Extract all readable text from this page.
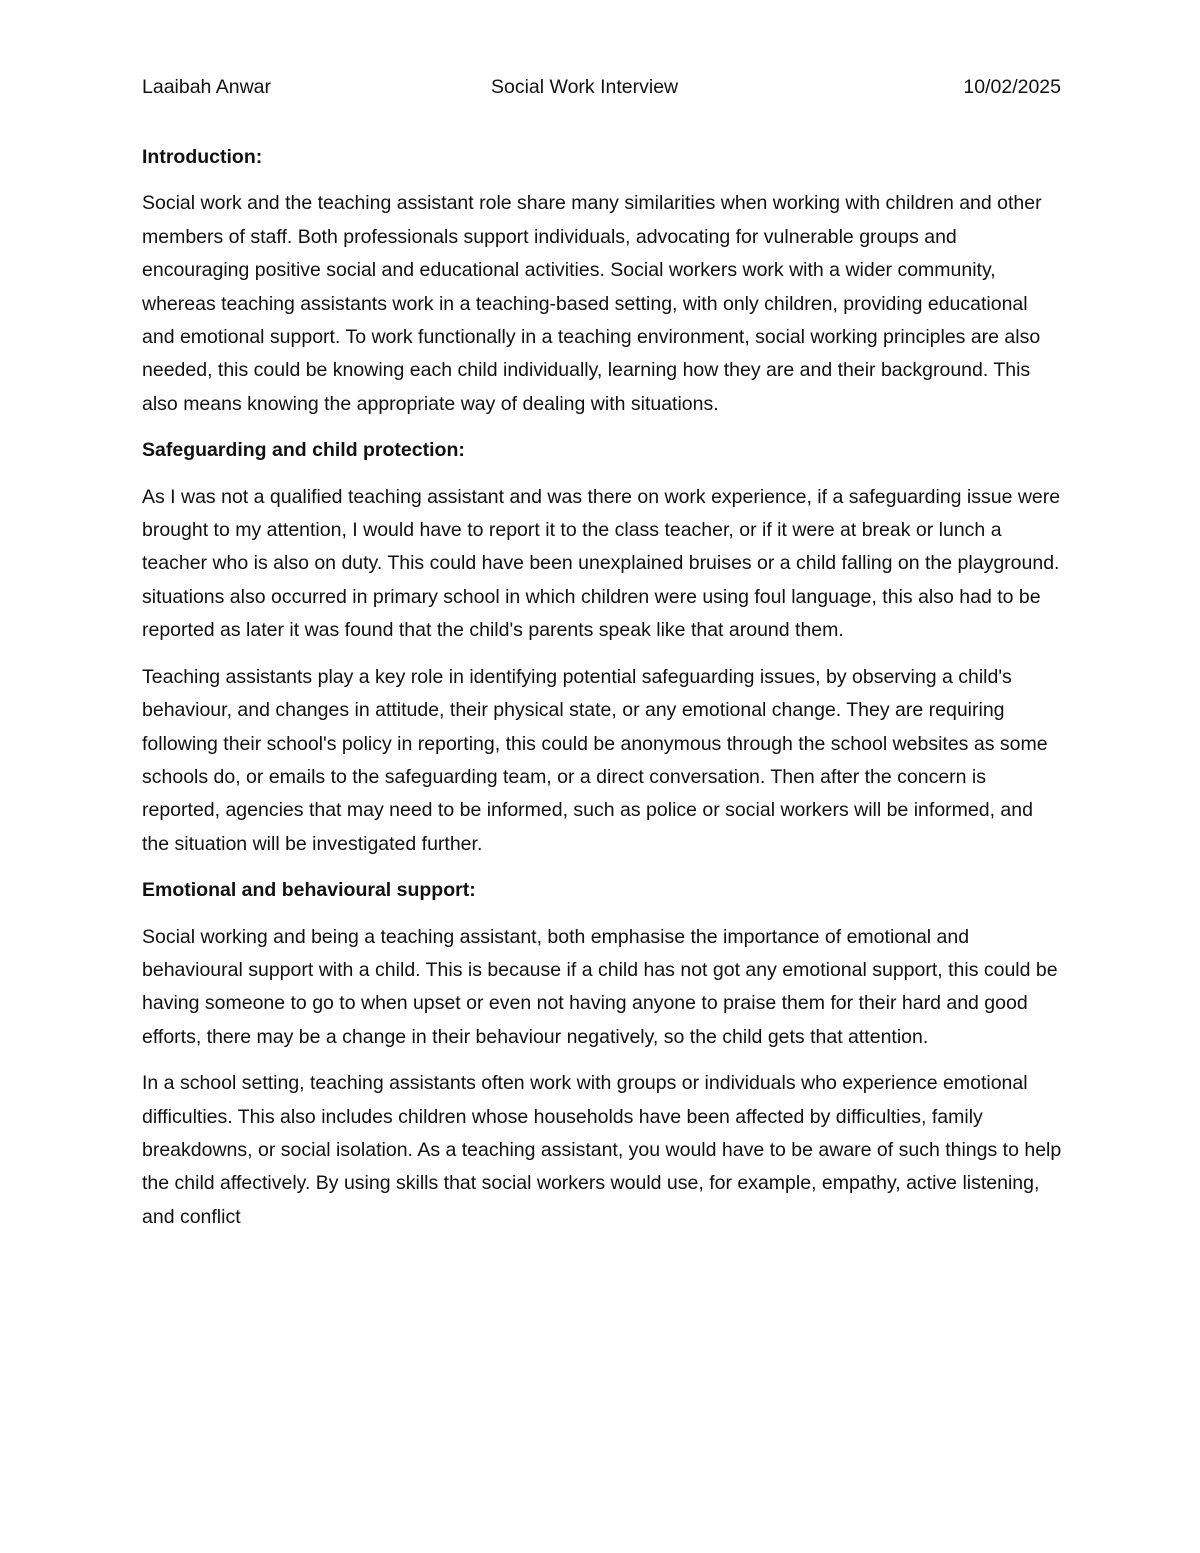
Laaibah Anwar	Social Work Interview	10/02/2025
Introduction:

Social work and the teaching assistant role share many similarities when working with children and other members of staff. Both professionals support individuals, advocating for vulnerable groups and encouraging positive social and educational activities. Social workers work with a wider community, whereas teaching assistants work in a teaching-based setting, with only children, providing educational and emotional support. To work functionally in a teaching environment, social working principles are also needed, this could be knowing each child individually, learning how they are and their background. This also means knowing the appropriate way of dealing with situations.

Safeguarding and child protection:

As I was not a qualified teaching assistant and was there on work experience, if a safeguarding issue were brought to my attention, I would have to report it to the class teacher, or if it were at break or lunch a teacher who is also on duty. This could have been unexplained bruises or a child falling on the playground. situations also occurred in primary school in which children were using foul language, this also had to be reported as later it was found that the child's parents speak like that around them.

Teaching assistants play a key role in identifying potential safeguarding issues, by observing a child's behaviour, and changes in attitude, their physical state, or any emotional change. They are requiring following their school's policy in reporting, this could be anonymous through the school websites as some schools do, or emails to the safeguarding team, or a direct conversation. Then after the concern is reported, agencies that may need to be informed, such as police or social workers will be informed, and the situation will be investigated further.

Emotional and behavioural support:

Social working and being a teaching assistant, both emphasise the importance of emotional and behavioural support with a child. This is because if a child has not got any emotional support, this could be having someone to go to when upset or even not having anyone to praise them for their hard and good efforts, there may be a change in their behaviour negatively, so the child gets that attention.

In a school setting, teaching assistants often work with groups or individuals who experience emotional difficulties. This also includes children whose households have been affected by difficulties, family breakdowns, or social isolation. As a teaching assistant, you would have to be aware of such things to help the child affectively. By using skills that social workers would use, for example, empathy, active listening, and conflict
